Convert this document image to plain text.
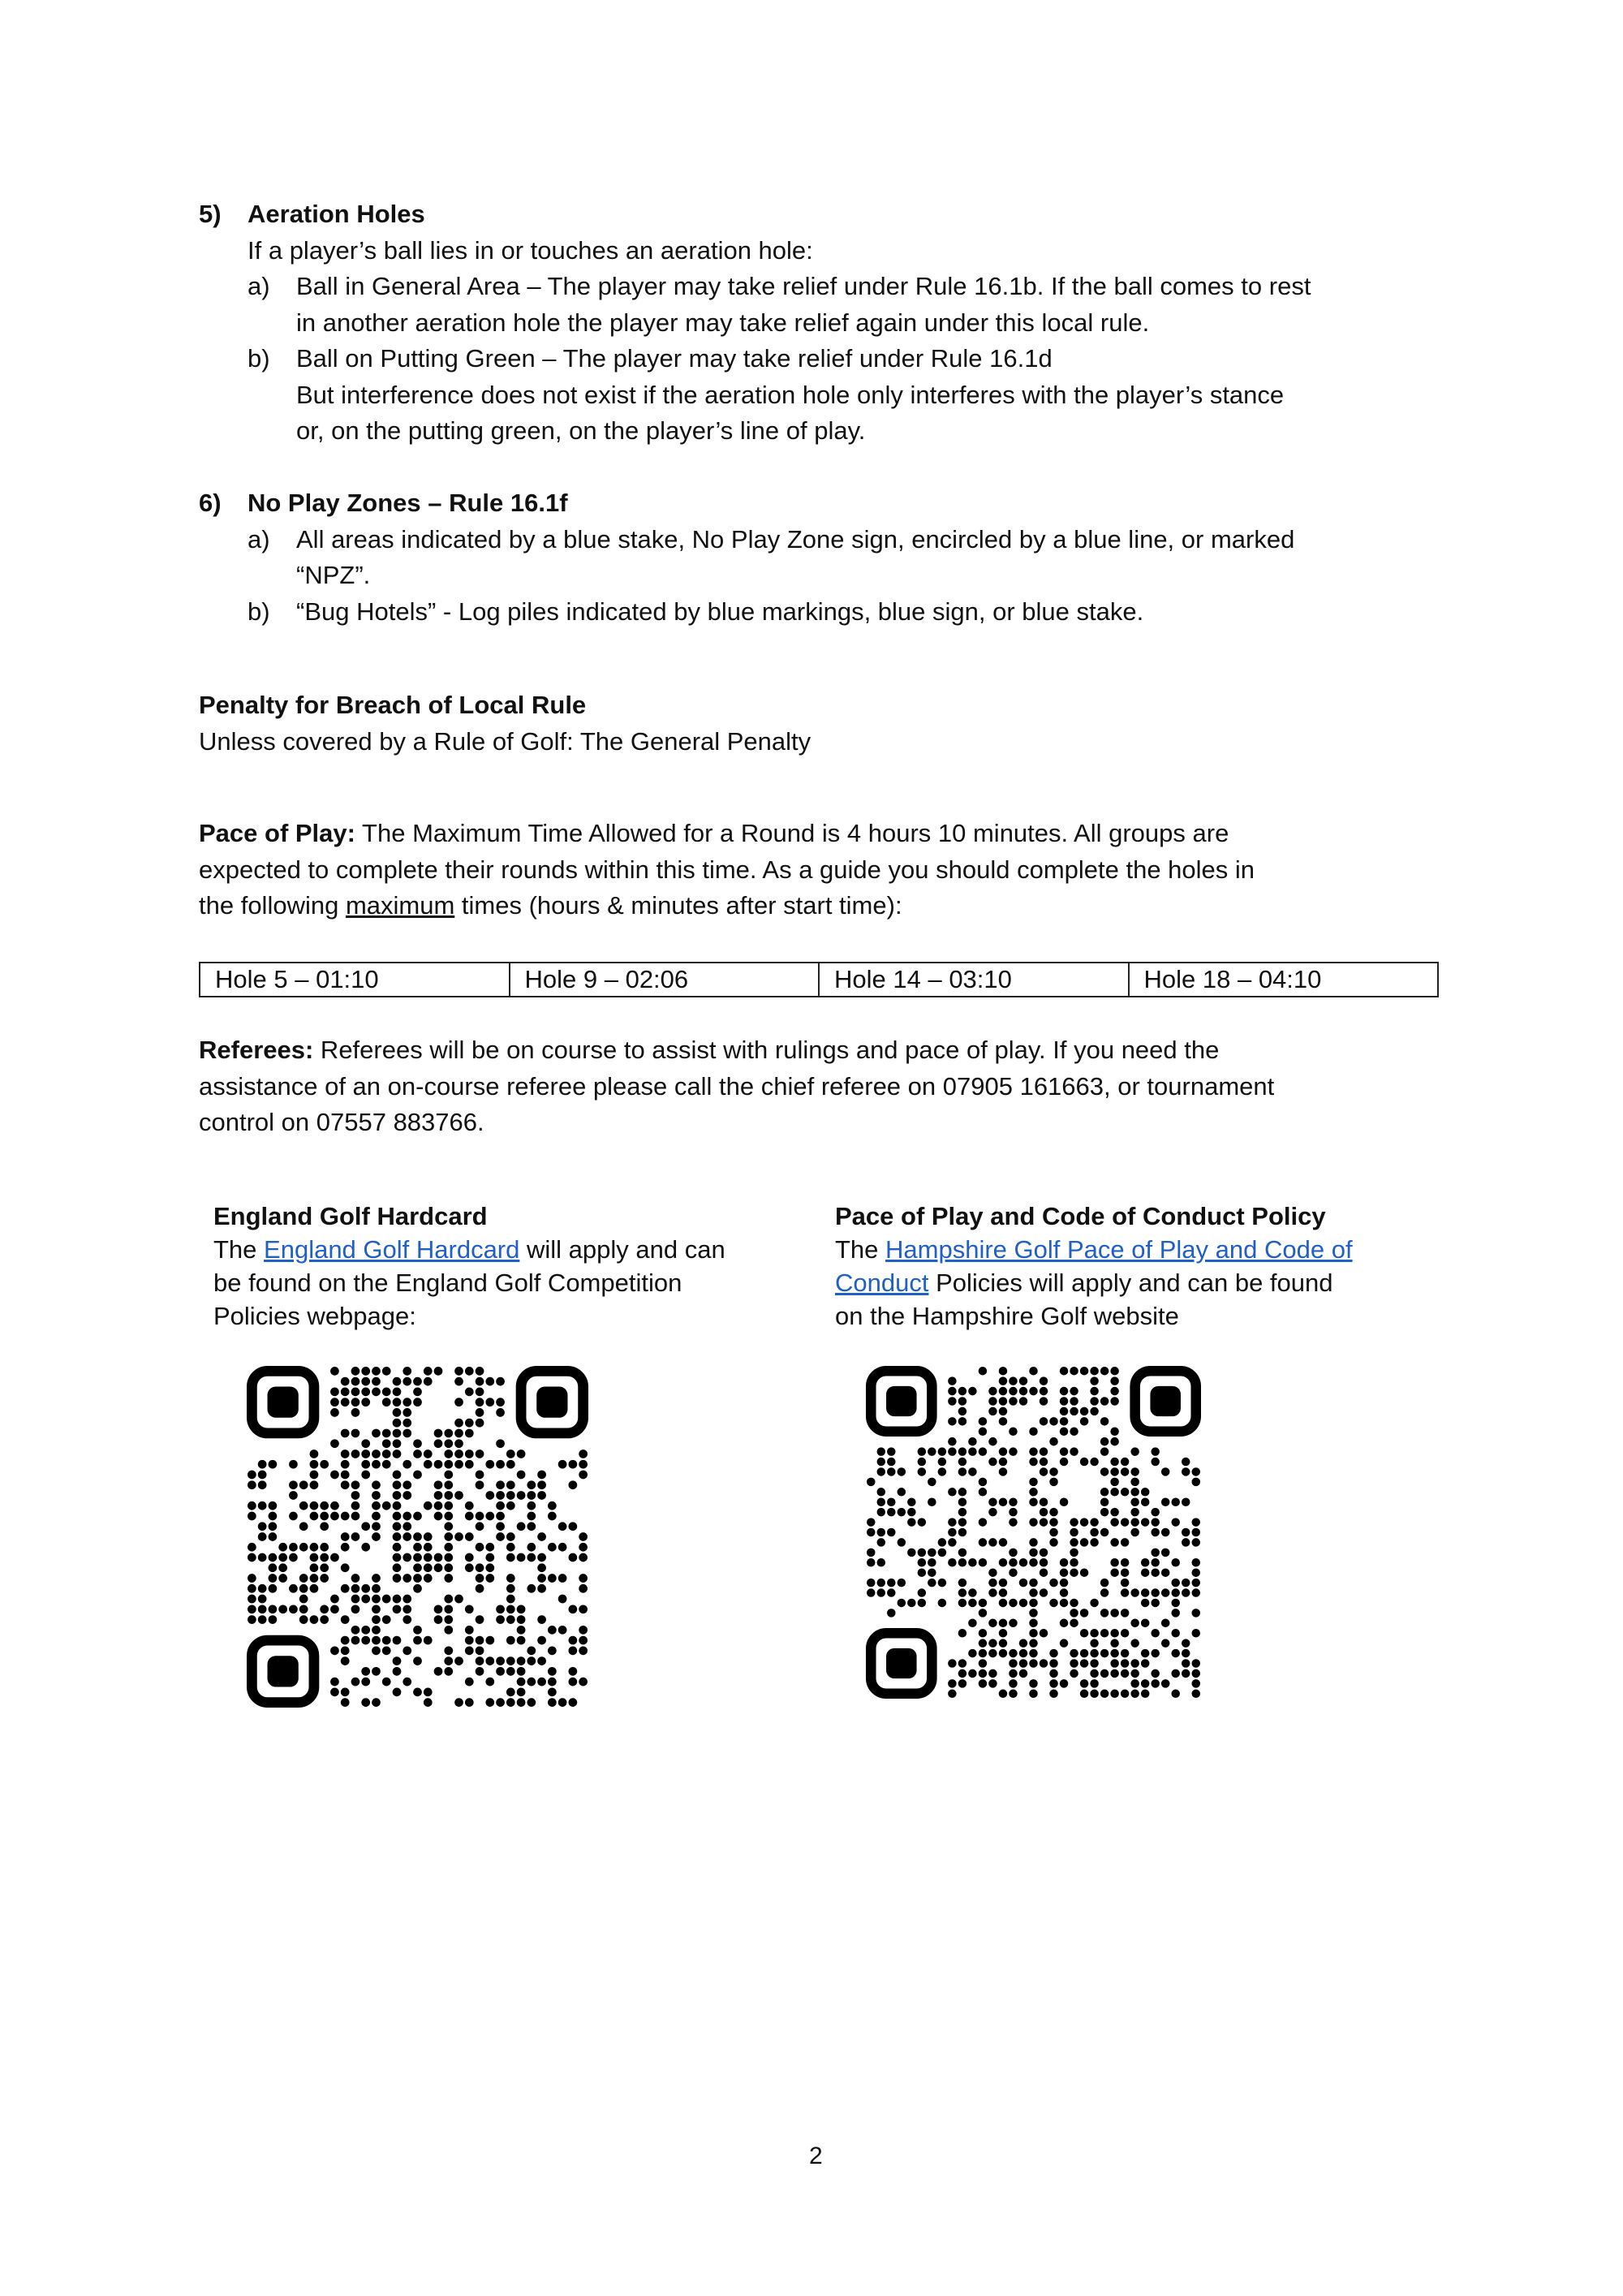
5) Aeration Holes
If a player’s ball lies in or touches an aeration hole:
a) Ball in General Area – The player may take relief under Rule 16.1b. If the ball comes to rest
in another aeration hole the player may take relief again under this local rule.
b) Ball on Putting Green – The player may take relief under Rule 16.1d
But interference does not exist if the aeration hole only interferes with the player’s stance
or, on the putting green, on the player’s line of play.
6) No Play Zones – Rule 16.1f
a) All areas indicated by a blue stake, No Play Zone sign, encircled by a blue line, or marked
“NPZ”.
b) “Bug Hotels” - Log piles indicated by blue markings, blue sign, or blue stake.
Penalty for Breach of Local Rule
Unless covered by a Rule of Golf: The General Penalty
Pace of Play: The Maximum Time Allowed for a Round is 4 hours 10 minutes. All groups are
expected to complete their rounds within this time. As a guide you should complete the holes in
the following maximum times (hours & minutes after start time):
Hole 5 – 01:10	Hole 9 – 02:06	Hole 14 – 03:10	Hole 18 – 04:10
Referees: Referees will be on course to assist with rulings and pace of play. If you need the
assistance of an on-course referee please call the chief referee on 07905 161663, or tournament
control on 07557 883766.
England Golf Hardcard
The England Golf Hardcard will apply and can
be found on the England Golf Competition
Policies webpage:
Pace of Play and Code of Conduct Policy
The Hampshire Golf Pace of Play and Code of
Conduct Policies will apply and can be found
on the Hampshire Golf website
2
